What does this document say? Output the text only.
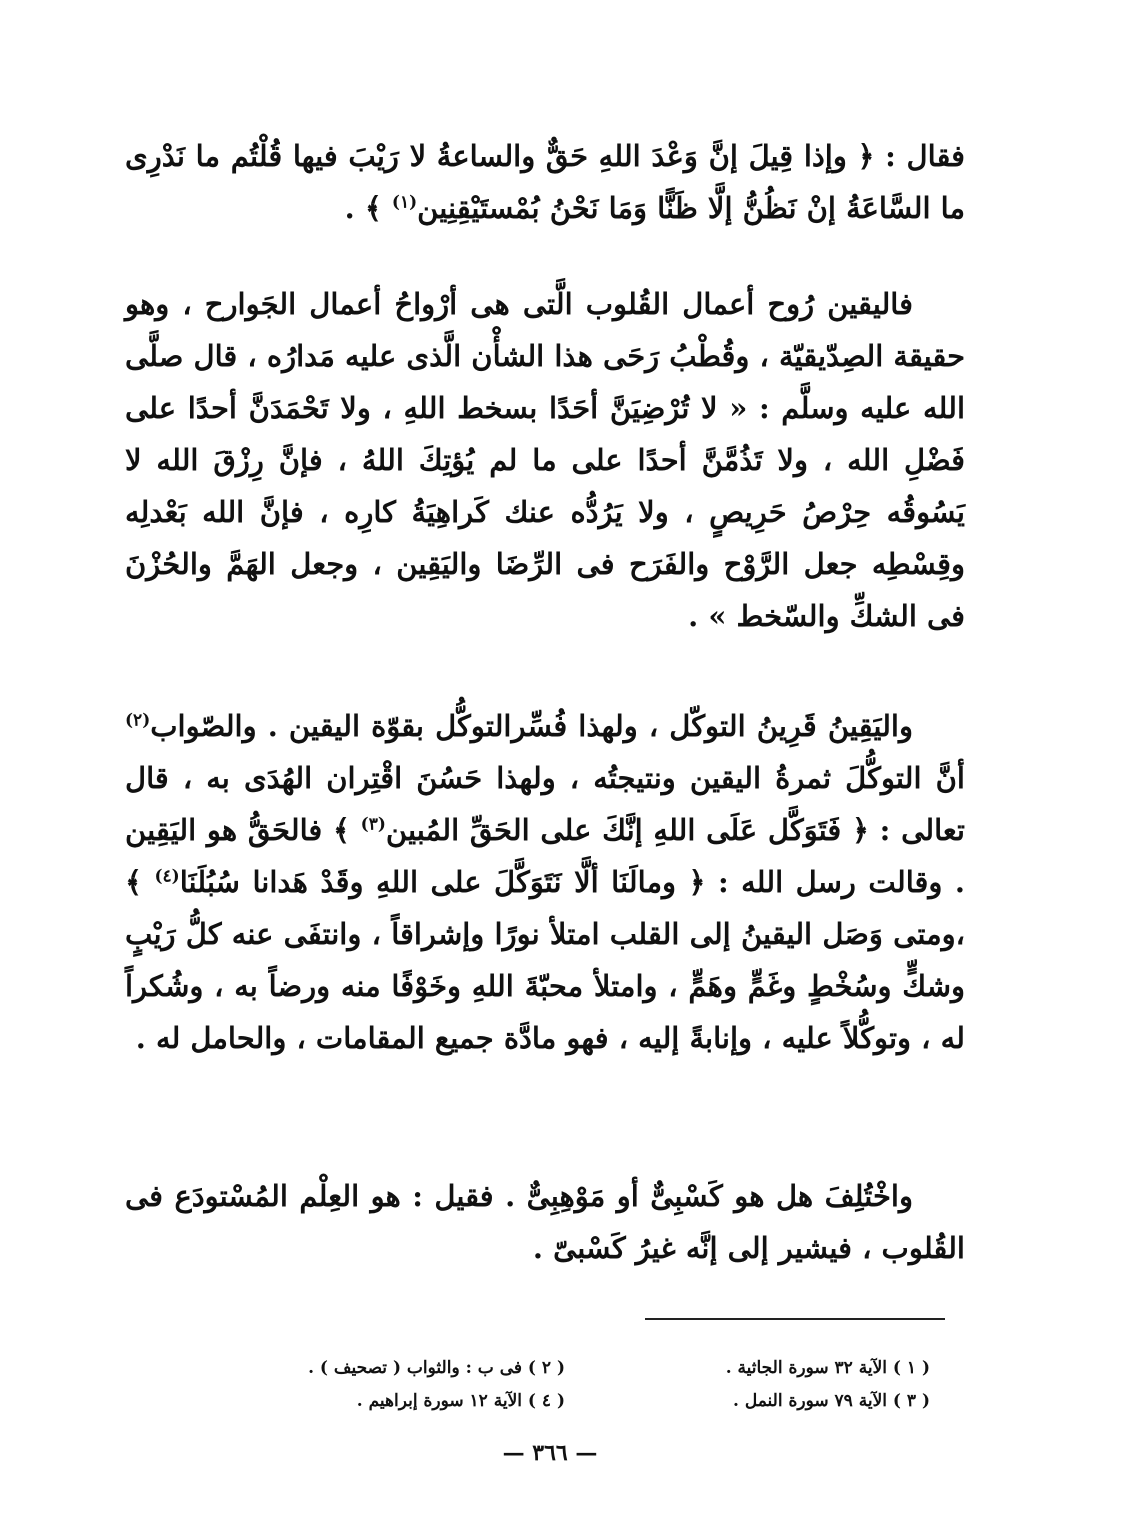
فقال : ﴿ وإذا قِيلَ إنَّ وَعْدَ اللهِ حَقٌّ والساعةُ لا رَيْبَ فيها قُلْتُم ما نَدْرِى ما السَّاعَةُ إنْ نَظُنُّ إلَّا ظَنًّا وَمَا نَحْنُ بُمْستَيْقِنِين$^{(١)}$ ﴾ .

فاليقين رُوح أعمال القُلوب الَّتى هى أرْواحُ أعمال الجَوارح ، وهو حقيقة الصِدّيقيّة ، وقُطْبُ رَحَى هذا الشأْن الَّذى عليه مَدارُه ، قال صلَّى الله عليه وسلَّم : « لا تُرْضِيَنَّ أحَدًا بسخط اللهِ ، ولا تَحْمَدَنَّ أحدًا على فَضْلِ الله ، ولا تَذُمَّنَّ أحدًا على ما لم يُؤتِكَ اللهُ ، فإنَّ رِزْقَ الله لا يَسُوقُه حِرْصُ حَرِيصٍ ، ولا يَرُدُّه عنك كَراهِيَةُ كارِه ، فإنَّ الله بَعْدلِه وقِسْطِه جعل الرَّوْح والفَرَح فى الرِّضَا واليَقِين ، وجعل الهَمَّ والحُزْنَ فى الشكِّ والسّخط » .

واليَقِينُ قَرِينُ التوكّل ، ولهذا فُسِّرالتوكُّل بقوّة اليقين . والصّواب$^{(٢)}$ أنَّ التوكُّلَ ثمرةُ اليقين ونتيجتُه ، ولهذا حَسُنَ اقْتِران الهُدَى به ، قال تعالى : ﴿ فَتَوَكَّل عَلَى اللهِ إنَّكَ على الحَقِّ المُبين$^{(٣)}$ ﴾ فالحَقُّ هو اليَقِين . وقالت رسل الله : ﴿ ومالَنَا ألَّا نَتَوَكَّلَ على اللهِ وقَدْ هَدانا سُبُلَنَا$^{(٤)}$ ﴾ ،ومتى وَصَل اليقينُ إلى القلب امتلأ نورًا وإشراقاً ، وانتفَى عنه كلُّ رَيْبٍ وشكٍّ وسُخْطٍ وغَمٍّ وهَمٍّ ، وامتلأ محبّةَ اللهِ وخَوْفًا منه ورضاً به ، وشُكراً له ، وتوكُّلاً عليه ، وإنابةً إليه ، فهو مادَّة جميع المقامات ، والحامل له .

واخْتُلِفَ هل هو كَسْبِىٌّ أو مَوْهِبِىٌّ . فقيل : هو العِلْم المُسْتودَع فى القُلوب ، فيشير إلى إنَّه غيرُ كَسْبىّ .

( ١ ) الآية ٣٢ سورة الجاثية .
( ٢ ) فى ب : والثواب ( تصحيف ) .
( ٣ ) الآية ٧٩ سورة النمل .
( ٤ ) الآية ١٢ سورة إبراهيم .
— ٣٦٦ —
